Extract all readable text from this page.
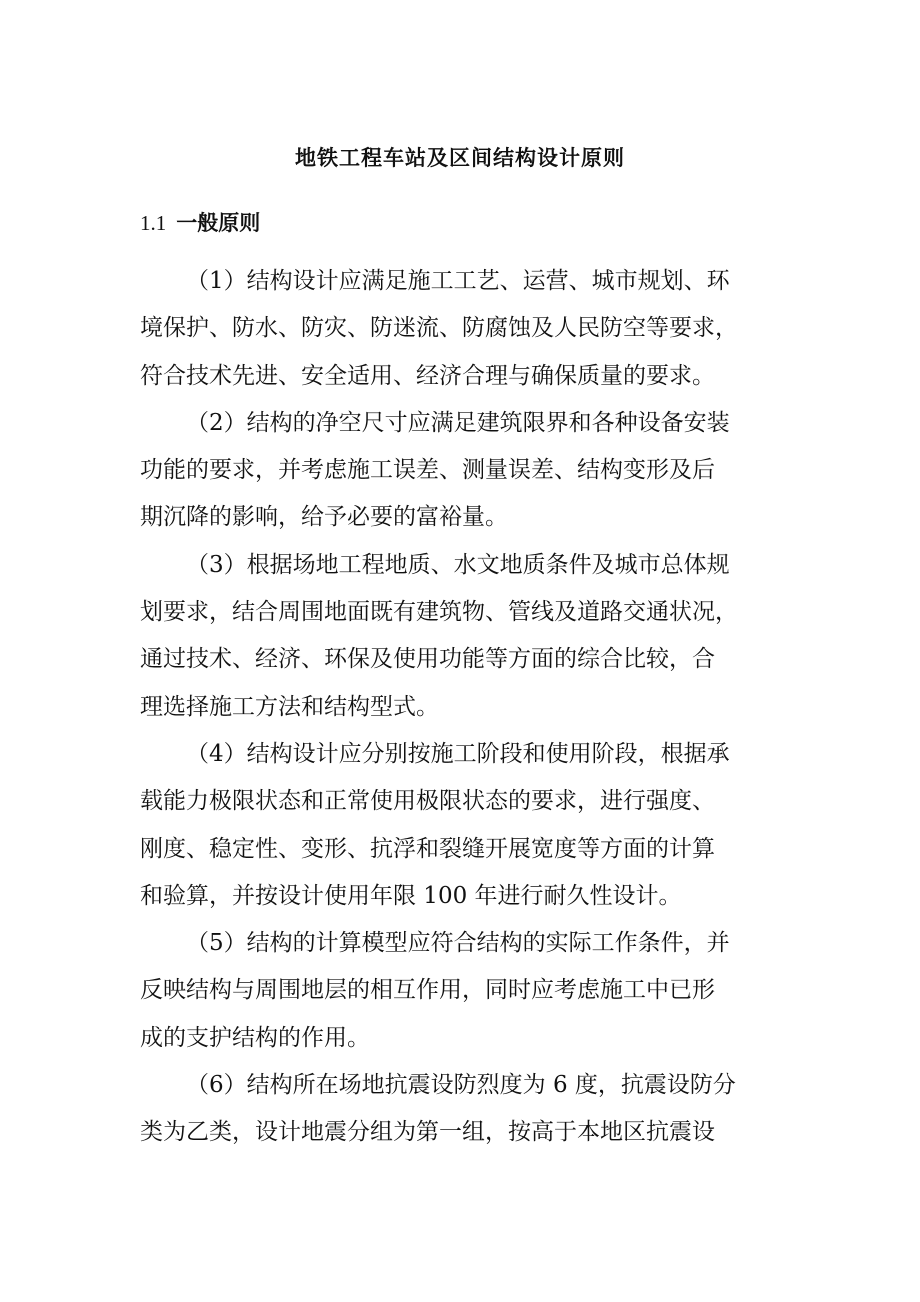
地铁工程车站及区间结构设计原则
1.1 一般原则
（1）结构设计应满足施工工艺、运营、城市规划、环
境保护、防水、防灾、防迷流、防腐蚀及人民防空等要求，
符合技术先进、安全适用、经济合理与确保质量的要求。
（2）结构的净空尺寸应满足建筑限界和各种设备安装
功能的要求，并考虑施工误差、测量误差、结构变形及后
期沉降的影响，给予必要的富裕量。
（3）根据场地工程地质、水文地质条件及城市总体规
划要求，结合周围地面既有建筑物、管线及道路交通状况，
通过技术、经济、环保及使用功能等方面的综合比较，合
理选择施工方法和结构型式。
（4）结构设计应分别按施工阶段和使用阶段，根据承
载能力极限状态和正常使用极限状态的要求，进行强度、
刚度、稳定性、变形、抗浮和裂缝开展宽度等方面的计算
和验算，并按设计使用年限 100 年进行耐久性设计。
（5）结构的计算模型应符合结构的实际工作条件，并
反映结构与周围地层的相互作用，同时应考虑施工中已形
成的支护结构的作用。
（6）结构所在场地抗震设防烈度为 6 度，抗震设防分
类为乙类，设计地震分组为第一组，按高于本地区抗震设
